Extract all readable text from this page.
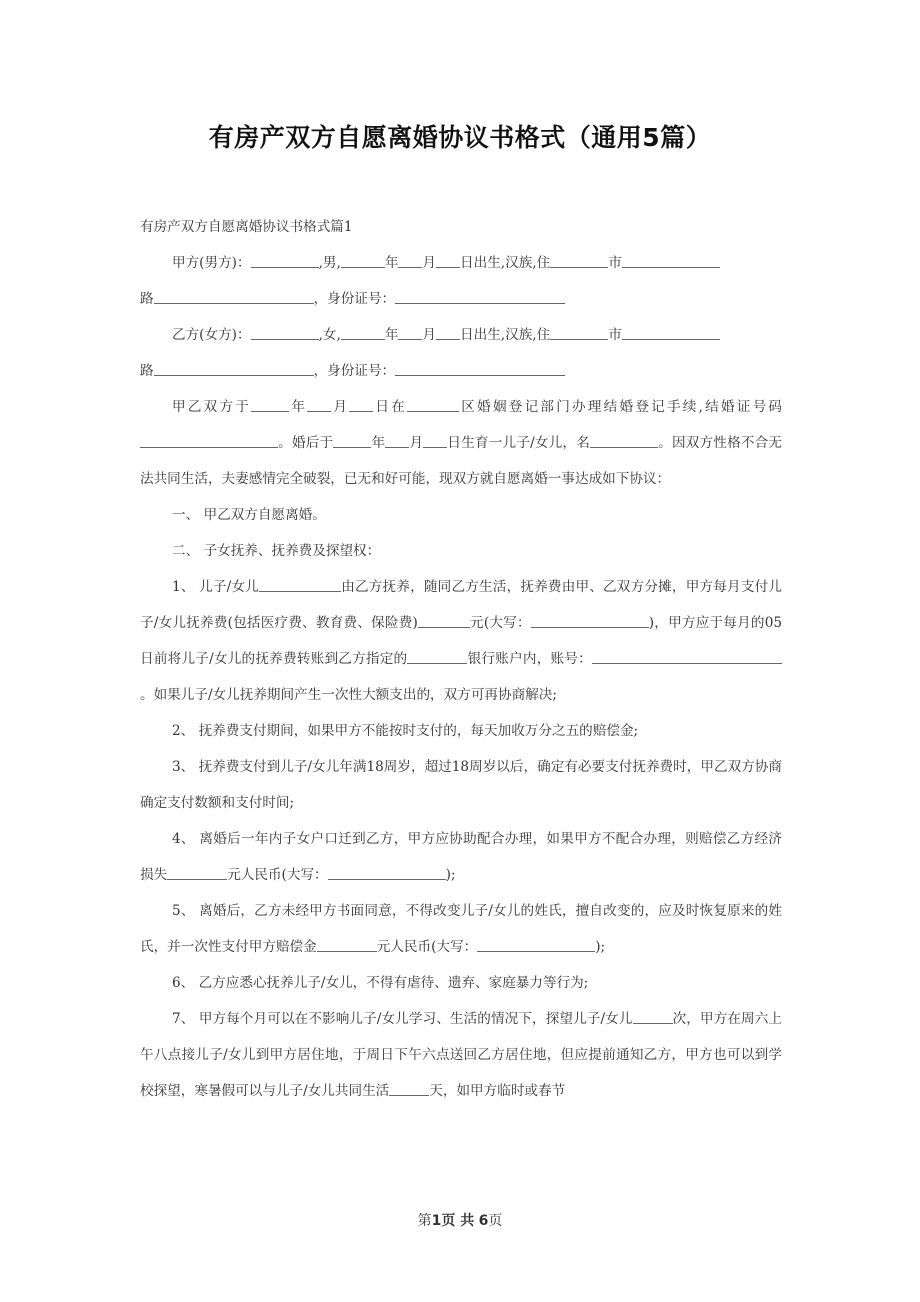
有房产双方自愿离婚协议书格式（通用5篇）

有房产双方自愿离婚协议书格式篇1

甲方(男方)：	,男,	年 月 日出生,汉族,住	市

路	，身份证号：

乙方(女方)：	,女,	年 月 日出生,汉族,住	市

路	，身份证号：

甲乙双方于	年 月 日在	区婚姻登记部门办理结婚登记手续,结婚证号码。婚后于	年 月 日生育一儿子/女儿，名	。因双方性格不合无法共同生活，夫妻感情完全破裂，已无和好可能，现双方就自愿离婚一事达成如下协议：

一、 甲乙双方自愿离婚。

二、 子女抚养、抚养费及探望权：

1、 儿子/女儿	由乙方抚养，随同乙方生活，抚养费由甲、乙双方分摊，甲方每月支付儿子/女儿抚养费(包括医疗费、教育费、保险费)	元(大写：	)，甲方应于每月的05日前将儿子/女儿的抚养费转账到乙方指定的	银行账户内，账号：。如果儿子/女儿抚养期间产生一次性大额支出的，双方可再协商解决;

2、 抚养费支付期间，如果甲方不能按时支付的，每天加收万分之五的赔偿金;

3、 抚养费支付到儿子/女儿年满18周岁，超过18周岁以后，确定有必要支付抚养费时，甲乙双方协商确定支付数额和支付时间;

4、 离婚后一年内子女户口迁到乙方，甲方应协助配合办理，如果甲方不配合办理，则赔偿乙方经济损失	元人民币(大写：	);

5、 离婚后，乙方未经甲方书面同意，不得改变儿子/女儿的姓氏，擅自改变的，应及时恢复原来的姓氏，并一次性支付甲方赔偿金	元人民币(大写：	);

6、 乙方应悉心抚养儿子/女儿，不得有虐待、遗弃、家庭暴力等行为;

7、 甲方每个月可以在不影响儿子/女儿学习、生活的情况下，探望儿子/女儿	次，甲方在周六上午八点接儿子/女儿到甲方居住地，于周日下午六点送回乙方居住地，但应提前通知乙方，甲方也可以到学校探望，寒暑假可以与儿子/女儿共同生活	天，如甲方临时或春节

第1页 共 6页
